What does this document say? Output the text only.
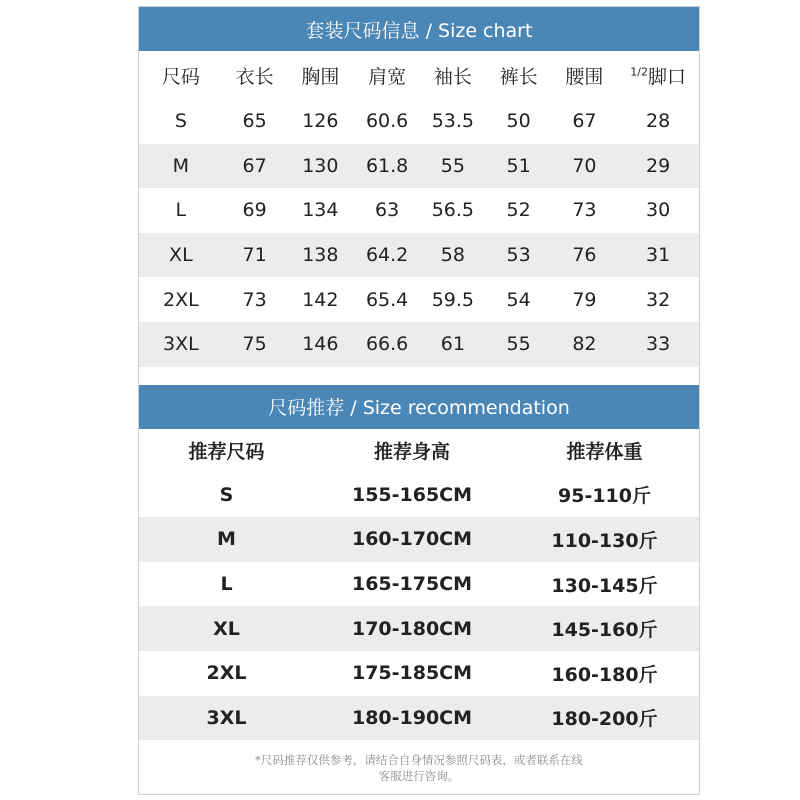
套装尺码信息 / Size chart
尺码	衣长	胸围	肩宽	袖长	裤长	腰围	$^{1/2}$脚口
S	65	126	60.6	53.5	50	67	28
M	67	130	61.8	55	51	70	29
L	69	134	63	56.5	52	73	30
XL	71	138	64.2	58	53	76	31
2XL	73	142	65.4	59.5	54	79	32
3XL	75	146	66.6	61	55	82	33
尺码推荐 / Size recommendation
推荐尺码	推荐身高	推荐体重
S	155-165CM	95-110斤
M	160-170CM	110-130斤
L	165-175CM	130-145斤
XL	170-180CM	145-160斤
2XL	175-185CM	160-180斤
3XL	180-190CM	180-200斤
*尺码推荐仅供参考，请结合自身情况参照尺码表，或者联系在线
客服进行咨询。
